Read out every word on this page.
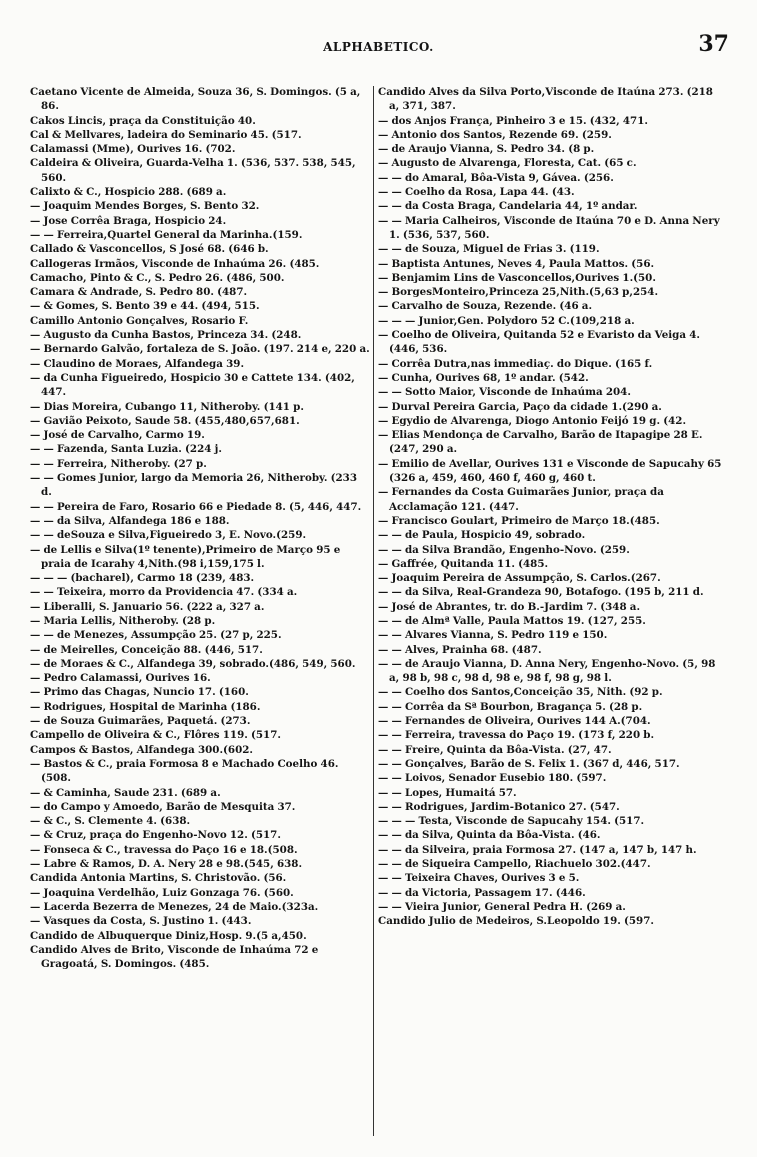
ALPHABETICO.	37
Caetano Vicente de Almeida, Souza 36, S. Domingos. (5 a, 86.
Cakos Lincis, praça da Constituição 40.
Cal & Mellvares, ladeira do Seminario 45. (517.
Calamassi (Mme), Ourives 16. (702.
Caldeira & Oliveira, Guarda-Velha 1. (536, 537. 538, 545, 560.
Calixto & C., Hospicio 288. (689 a.
— Joaquim Mendes Borges, S. Bento 32.
— Jose Corrêa Braga, Hospicio 24.
— — Ferreira,Quartel General da Marinha.(159.
Callado & Vasconcellos, S José 68. (646 b.
Callogeras Irmãos, Visconde de Inhaúma 26. (485.
Camacho, Pinto & C., S. Pedro 26. (486, 500.
Camara & Andrade, S. Pedro 80. (487.
— & Gomes, S. Bento 39 e 44. (494, 515.
Camillo Antonio Gonçalves, Rosario F.
— Augusto da Cunha Bastos, Princeza 34. (248.
— Bernardo Galvão, fortaleza de S. João. (197. 214 e, 220 a.
— Claudino de Moraes, Alfandega 39.
— da Cunha Figueiredo, Hospicio 30 e Cattete 134. (402, 447.
— Dias Moreira, Cubango 11, Nitheroby. (141 p.
— Gavião Peixoto, Saude 58. (455,480,657,681.
— José de Carvalho, Carmo 19.
— — Fazenda, Santa Luzia. (224 j.
— — Ferreira, Nitheroby. (27 p.
— — Gomes Junior, largo da Memoria 26, Nitheroby. (233 d.
— — Pereira de Faro, Rosario 66 e Piedade 8. (5, 446, 447.
— — da Silva, Alfandega 186 e 188.
— — deSouza e Silva,Figueiredo 3, E. Novo.(259.
— de Lellis e Silva(1º tenente),Primeiro de Março 95 e praia de Icarahy 4,Nith.(98 i,159,175 l.
— — — (bacharel), Carmo 18 (239, 483.
— — Teixeira, morro da Providencia 47. (334 a.
— Liberalli, S. Januario 56. (222 a, 327 a.
— Maria Lellis, Nitheroby. (28 p.
— — de Menezes, Assumpção 25. (27 p, 225.
— de Meirelles, Conceição 88. (446, 517.
— de Moraes & C., Alfandega 39, sobrado.(486, 549, 560.
— Pedro Calamassi, Ourives 16.
— Primo das Chagas, Nuncio 17. (160.
— Rodrigues, Hospital de Marinha (186.
— de Souza Guimarães, Paquetá. (273.
Campello de Oliveira & C., Flôres 119. (517.
Campos & Bastos, Alfandega 300.(602.
— Bastos & C., praia Formosa 8 e Machado Coelho 46. (508.
— & Caminha, Saude 231. (689 a.
— do Campo y Amoedo, Barão de Mesquita 37.
— & C., S. Clemente 4. (638.
— & Cruz, praça do Engenho-Novo 12. (517.
— Fonseca & C., travessa do Paço 16 e 18.(508.
— Labre & Ramos, D. A. Nery 28 e 98.(545, 638.
Candida Antonia Martins, S. Christovão. (56.
— Joaquina Verdelhão, Luiz Gonzaga 76. (560.
— Lacerda Bezerra de Menezes, 24 de Maio.(323a.
— Vasques da Costa, S. Justino 1. (443.
Candido de Albuquerque Diniz,Hosp. 9.(5 a,450.
Candido Alves de Brito, Visconde de Inhaúma 72 e Gragoatá, S. Domingos. (485.
Candido Alves da Silva Porto,Visconde de Itaúna 273. (218 a, 371, 387.
— dos Anjos França, Pinheiro 3 e 15. (432, 471.
— Antonio dos Santos, Rezende 69. (259.
— de Araujo Vianna, S. Pedro 34. (8 p.
— Augusto de Alvarenga, Floresta, Cat. (65 c.
— — do Amaral, Bôa-Vista 9, Gávea. (256.
— — Coelho da Rosa, Lapa 44. (43.
— — da Costa Braga, Candelaria 44, 1º andar.
— — Maria Calheiros, Visconde de Itaúna 70 e D. Anna Nery 1. (536, 537, 560.
— — de Souza, Miguel de Frias 3. (119.
— Baptista Antunes, Neves 4, Paula Mattos. (56.
— Benjamim Lins de Vasconcellos,Ourives 1.(50.
— BorgesMonteiro,Princeza 25,Nith.(5,63 p,254.
— Carvalho de Souza, Rezende. (46 a.
— — — Junior,Gen. Polydoro 52 C.(109,218 a.
— Coelho de Oliveira, Quitanda 52 e Evaristo da Veiga 4. (446, 536.
— Corrêa Dutra,nas immediaç. do Dique. (165 f.
— Cunha, Ourives 68, 1º andar. (542.
— — Sotto Maior, Visconde de Inhaúma 204.
— Durval Pereira Garcia, Paço da cidade 1.(290 a.
— Egydio de Alvarenga, Diogo Antonio Feijó 19 g. (42.
— Elias Mendonça de Carvalho, Barão de Itapagipe 28 E. (247, 290 a.
— Emilio de Avellar, Ourives 131 e Visconde de Sapucahy 65 (326 a, 459, 460, 460 f, 460 g, 460 t.
— Fernandes da Costa Guimarães Junior, praça da Acclamação 121. (447.
— Francisco Goulart, Primeiro de Março 18.(485.
— — de Paula, Hospicio 49, sobrado.
— — da Silva Brandão, Engenho-Novo. (259.
— Gaffrée, Quitanda 11. (485.
— Joaquim Pereira de Assumpção, S. Carlos.(267.
— — da Silva, Real-Grandeza 90, Botafogo. (195 b, 211 d.
— José de Abrantes, tr. do B.-Jardim 7. (348 a.
— — de Almª Valle, Paula Mattos 19. (127, 255.
— — Alvares Vianna, S. Pedro 119 e 150.
— — Alves, Prainha 68. (487.
— — de Araujo Vianna, D. Anna Nery, Engenho-Novo. (5, 98 a, 98 b, 98 c, 98 d, 98 e, 98 f, 98 g, 98 l.
— — Coelho dos Santos,Conceição 35, Nith. (92 p.
— — Corrêa da Sª Bourbon, Bragança 5. (28 p.
— — Fernandes de Oliveira, Ourives 144 A.(704.
— — Ferreira, travessa do Paço 19. (173 f, 220 b.
— — Freire, Quinta da Bôa-Vista. (27, 47.
— — Gonçalves, Barão de S. Felix 1. (367 d, 446, 517.
— — Loivos, Senador Eusebio 180. (597.
— — Lopes, Humaitá 57.
— — Rodrigues, Jardim-Botanico 27. (547.
— — — Testa, Visconde de Sapucahy 154. (517.
— — da Silva, Quinta da Bôa-Vista. (46.
— — da Silveira, praia Formosa 27. (147 a, 147 b, 147 h.
— — de Siqueira Campello, Riachuelo 302.(447.
— — Teixeira Chaves, Ourives 3 e 5.
— — da Victoria, Passagem 17. (446.
— — Vieira Junior, General Pedra H. (269 a.
Candido Julio de Medeiros, S.Leopoldo 19. (597.
